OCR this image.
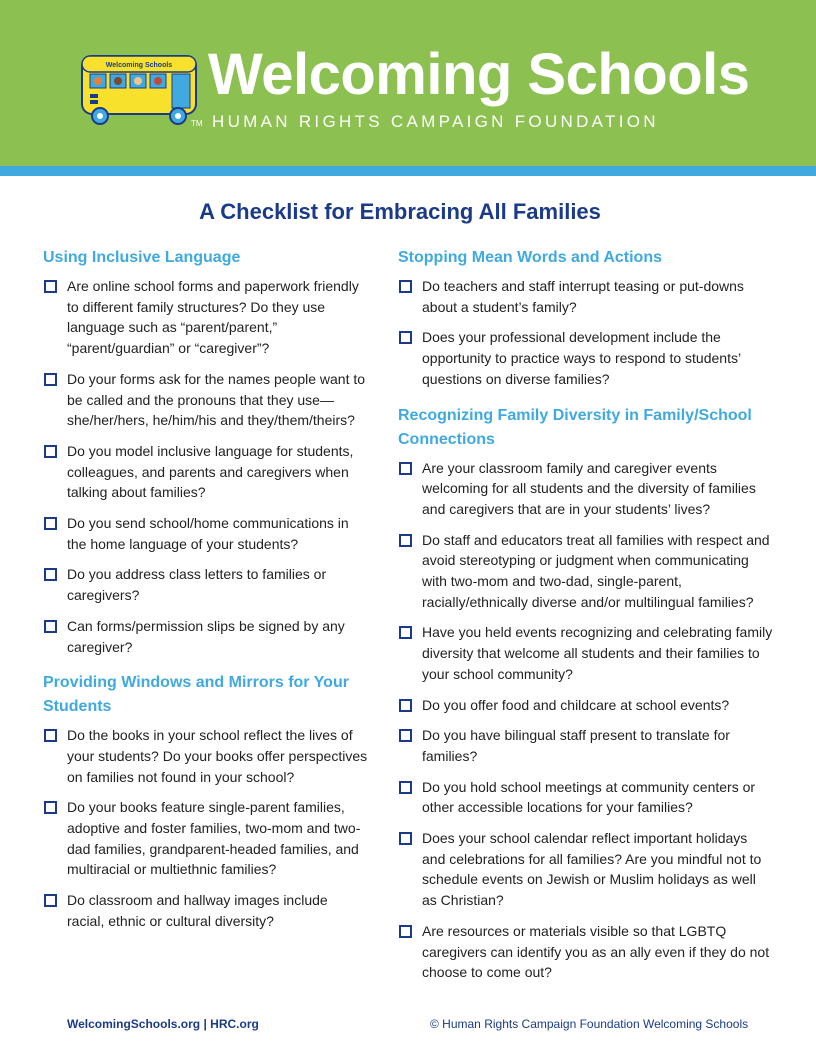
Welcoming Schools Welcoming Schools
TM HUMAN RIGHTS CAMPAIGN FOUNDATION
A Checklist for Embracing All Families
Using Inclusive Language
Are online school forms and paperwork friendly to different family structures? Do they use language such as “parent/parent,” “parent/guardian” or “caregiver”?
Do your forms ask for the names people want to be called and the pronouns that they use—she/her/hers, he/him/his and they/them/theirs?
Do you model inclusive language for students, colleagues, and parents and caregivers when talking about families?
Do you send school/home communications in the home language of your students?
Do you address class letters to families or caregivers?
Can forms/permission slips be signed by any caregiver?
Providing Windows and Mirrors for Your Students
Do the books in your school reflect the lives of your students? Do your books offer perspectives on families not found in your school?
Do your books feature single-parent families, adoptive and foster families, two-mom and two-dad families, grandparent-headed families, and multiracial or multiethnic families?
Do classroom and hallway images include racial, ethnic or cultural diversity?
Stopping Mean Words and Actions
Do teachers and staff interrupt teasing or put-downs about a student’s family?
Does your professional development include the opportunity to practice ways to respond to students’ questions on diverse families?
Recognizing Family Diversity in Family/School Connections
Are your classroom family and caregiver events welcoming for all students and the diversity of families and caregivers that are in your students’ lives?
Do staff and educators treat all families with respect and avoid stereotyping or judgment when communicating with two-mom and two-dad, single-parent, racially/ethnically diverse and/or multilingual families?
Have you held events recognizing and celebrating family diversity that welcome all students and their families to your school community?
Do you offer food and childcare at school events?
Do you have bilingual staff present to translate for families?
Do you hold school meetings at community centers or other accessible locations for your families?
Does your school calendar reflect important holidays and celebrations for all families? Are you mindful not to schedule events on Jewish or Muslim holidays as well as Christian?
Are resources or materials visible so that LGBTQ caregivers can identify you as an ally even if they do not choose to come out?
WelcomingSchools.org | HRC.org	© Human Rights Campaign Foundation Welcoming Schools
